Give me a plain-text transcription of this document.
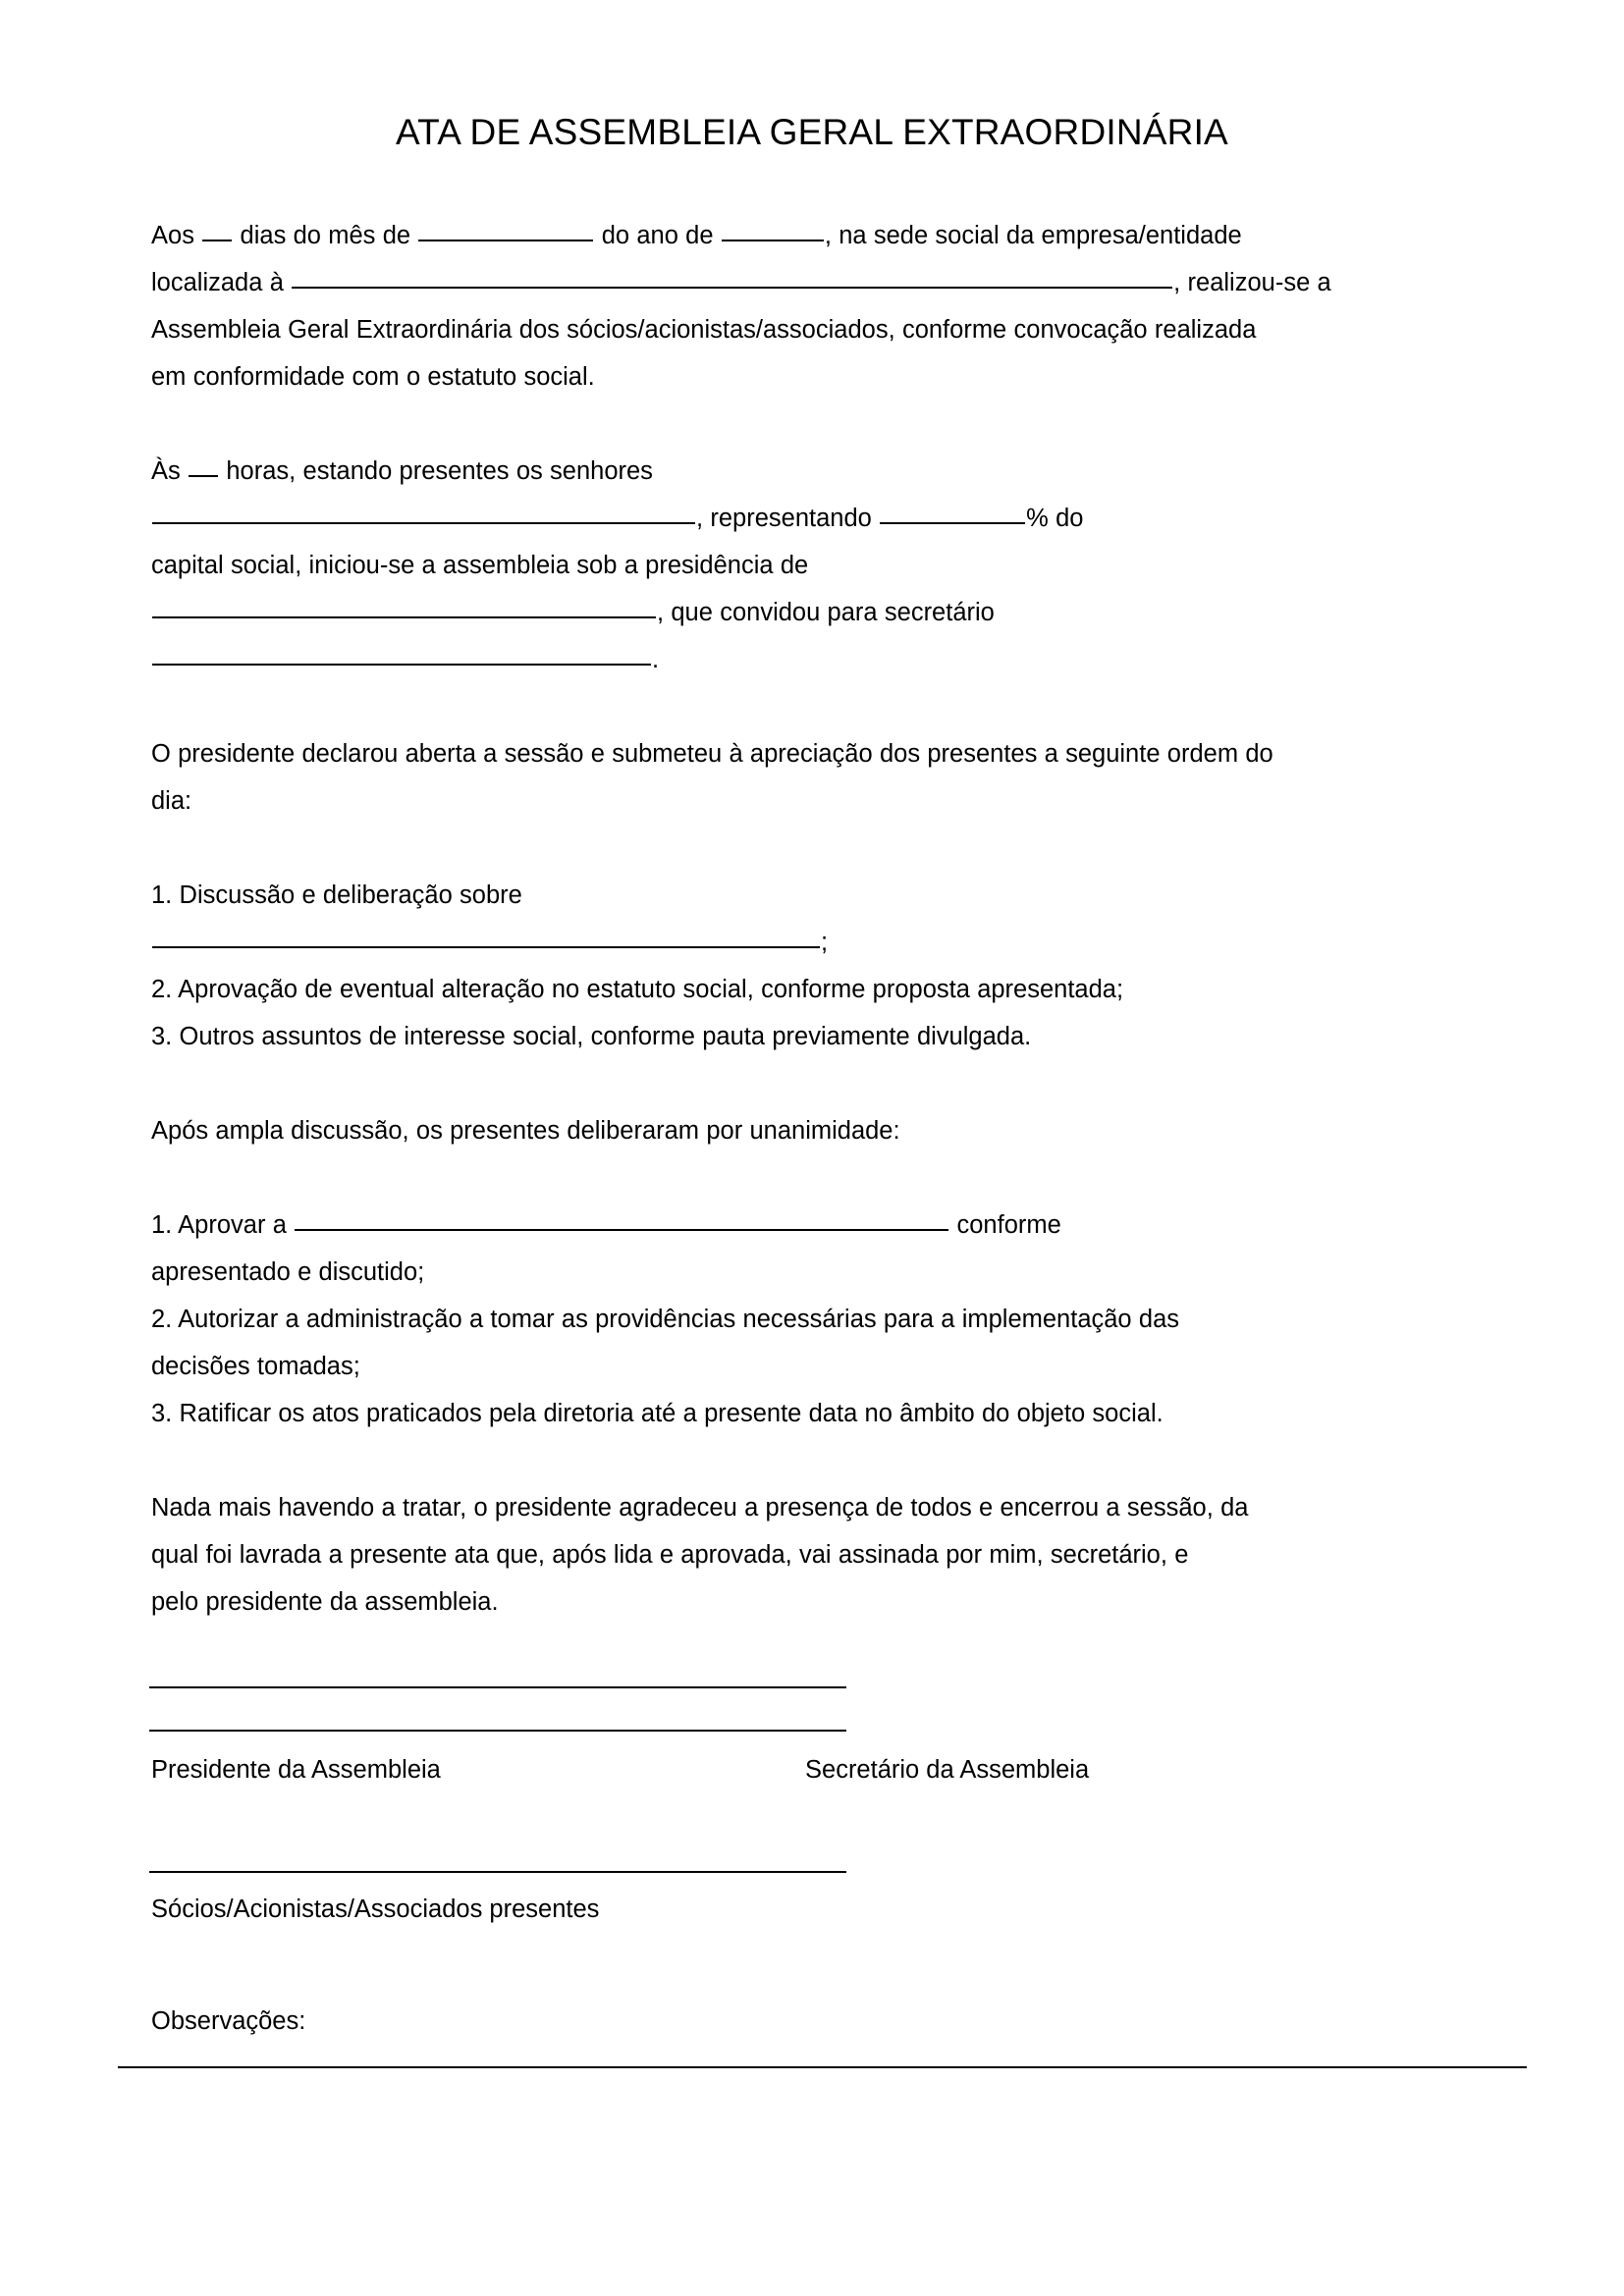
ATA DE ASSEMBLEIA GERAL EXTRAORDINÁRIA

Aos dias do mês de	do ano de	, na sede social da empresa/entidade
localizada à	, realizou-se a
Assembleia Geral Extraordinária dos sócios/acionistas/associados, conforme convocação realizada
em conformidade com o estatuto social.

Às horas, estando presentes os senhores
, representando	% do
capital social, iniciou-se a assembleia sob a presidência de
, que convidou para secretário
.

O presidente declarou aberta a sessão e submeteu à apreciação dos presentes a seguinte ordem do
dia:

1. Discussão e deliberação sobre
;
2. Aprovação de eventual alteração no estatuto social, conforme proposta apresentada;
3. Outros assuntos de interesse social, conforme pauta previamente divulgada.

Após ampla discussão, os presentes deliberaram por unanimidade:

1. Aprovar a	conforme
apresentado e discutido;
2. Autorizar a administração a tomar as providências necessárias para a implementação das
decisões tomadas;
3. Ratificar os atos praticados pela diretoria até a presente data no âmbito do objeto social.

Nada mais havendo a tratar, o presidente agradeceu a presença de todos e encerrou a sessão, da
qual foi lavrada a presente ata que, após lida e aprovada, vai assinada por mim, secretário, e
pelo presidente da assembleia.

Presidente da Assembleia	Secretário da Assembleia
Sócios/Acionistas/Associados presentes
Observações:
